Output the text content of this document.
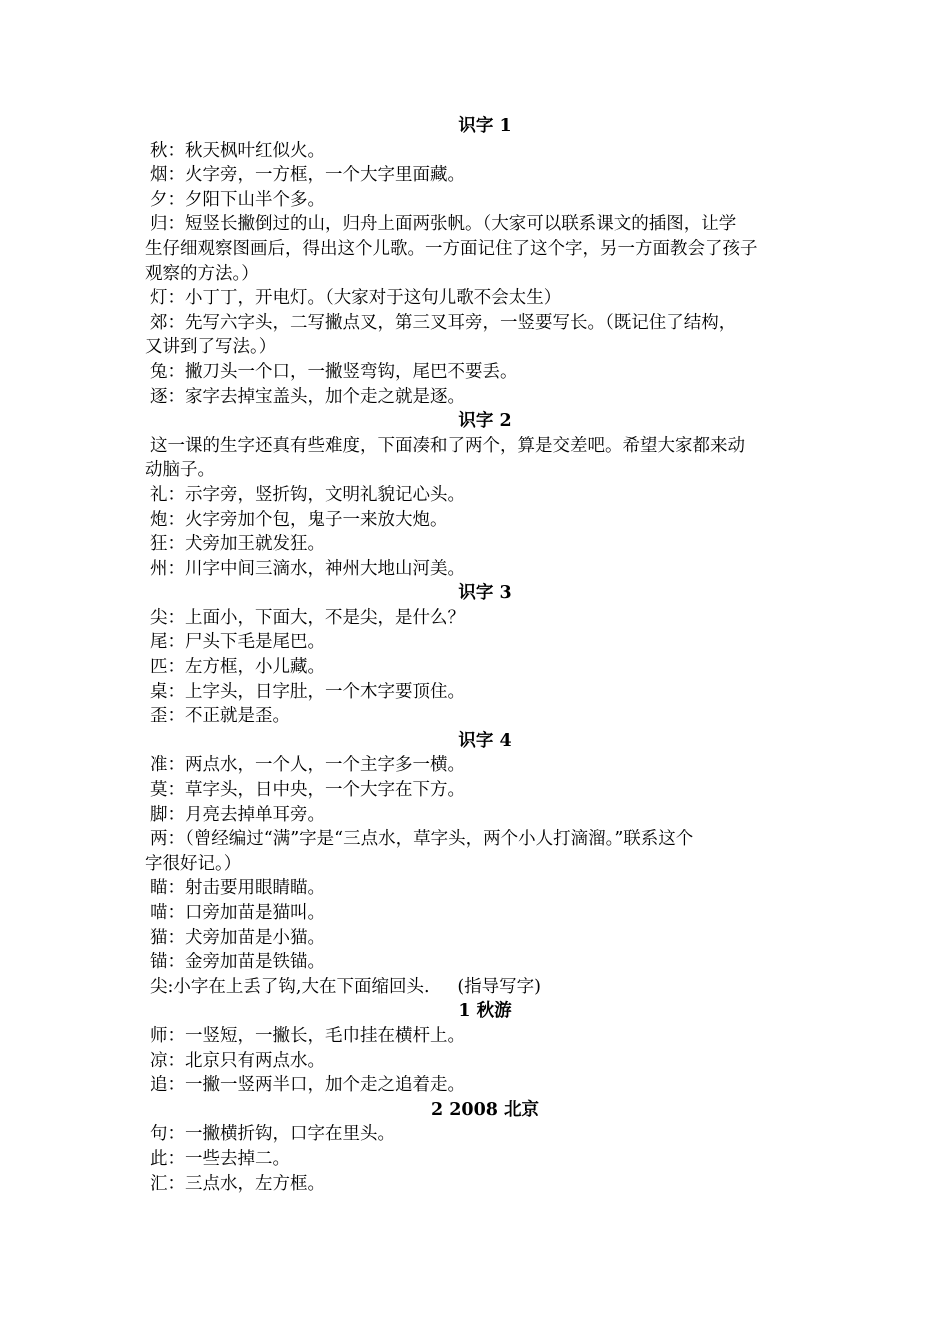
识字 1
秋：秋天枫叶红似火。
烟：火字旁，一方框，一个大字里面藏。
夕：夕阳下山半个多。
归：短竖长撇倒过的山，归舟上面两张帆。（大家可以联系课文的插图，让学
生仔细观察图画后，得出这个儿歌。一方面记住了这个字，另一方面教会了孩子
观察的方法。）
灯：小丁丁，开电灯。（大家对于这句儿歌不会太生）
郊：先写六字头，二写撇点叉，第三叉耳旁，一竖要写长。（既记住了结构，
又讲到了写法。）
兔：撇刀头一个口，一撇竖弯钩，尾巴不要丢。
逐：家字去掉宝盖头，加个走之就是逐。
识字 2
这一课的生字还真有些难度，下面凑和了两个，算是交差吧。希望大家都来动
动脑子。
礼：示字旁，竖折钩，文明礼貌记心头。
炮：火字旁加个包，鬼子一来放大炮。
狂：犬旁加王就发狂。
州：川字中间三滴水，神州大地山河美。
识字 3
尖：上面小，下面大，不是尖，是什么？
尾：尸头下毛是尾巴。
匹：左方框，小儿藏。
桌：上字头，日字肚，一个木字要顶住。
歪：不正就是歪。
识字 4
准：两点水，一个人，一个主字多一横。
莫：草字头，日中央，一个大字在下方。
脚：月亮去掉单耳旁。
两：（曾经编过“满”字是“三点水，草字头，两个小人打滴溜。”联系这个
字很好记。）
瞄：射击要用眼睛瞄。
喵：口旁加苗是猫叫。
猫：犬旁加苗是小猫。
锚：金旁加苗是铁锚。
尖:小字在上丢了钩,大在下面缩回头.     (指导写字)
1 秋游
师：一竖短，一撇长，毛巾挂在横杆上。
凉：北京只有两点水。
追：一撇一竖两半口，加个走之追着走。
2 2008 北京
句：一撇横折钩，口字在里头。
此：一些去掉二。
汇：三点水，左方框。
